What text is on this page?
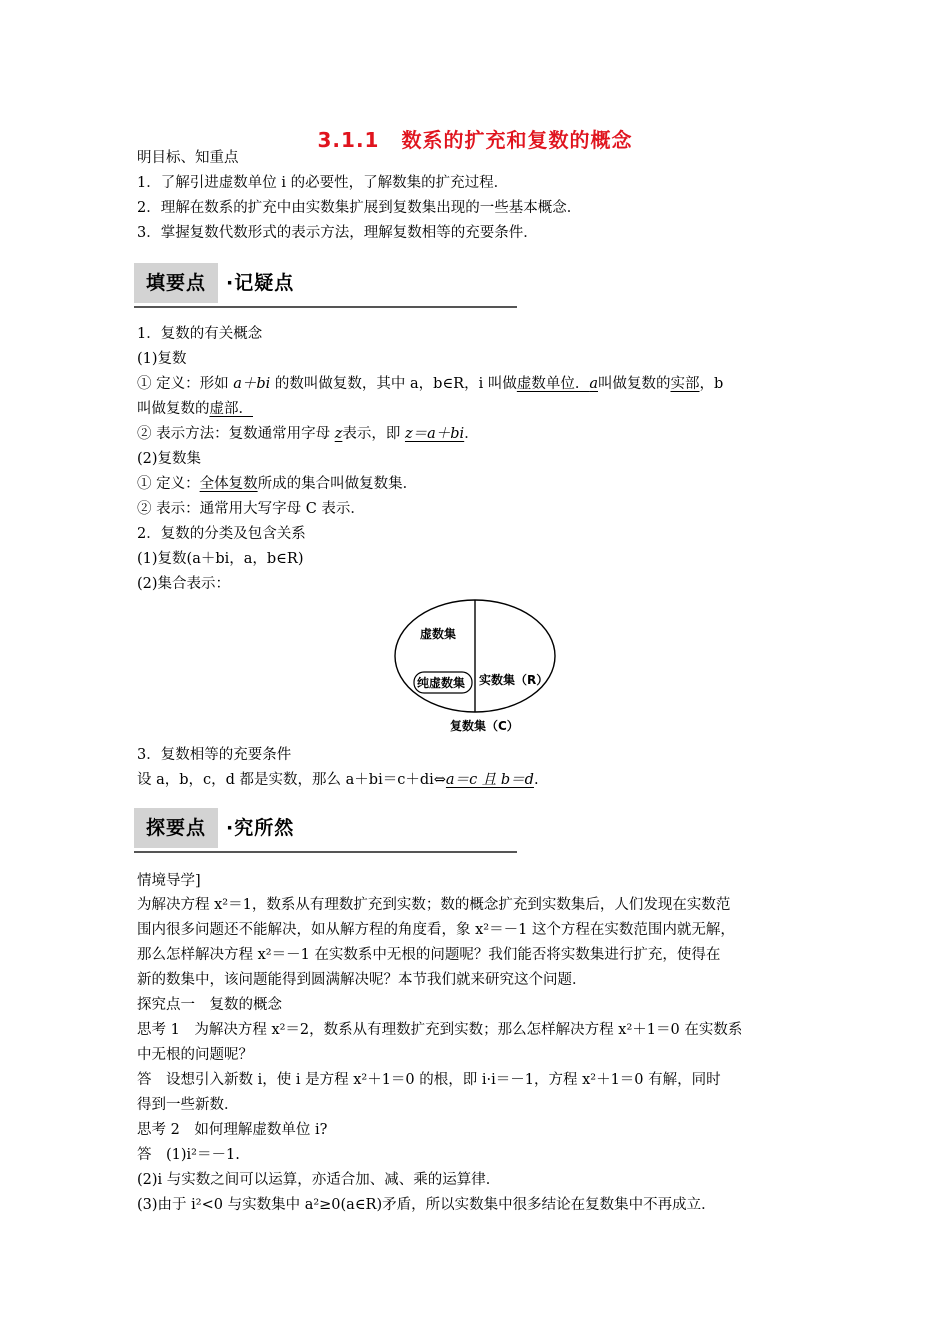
3.1.1 数系的扩充和复数的概念
明目标、知重点
1．了解引进虚数单位 i 的必要性，了解数集的扩充过程．
2．理解在数系的扩充中由实数集扩展到复数集出现的一些基本概念．
3．掌握复数代数形式的表示方法，理解复数相等的充要条件．
填要点	·记疑点
1．复数的有关概念
(1)复数
① 定义：形如 a＋bi 的数叫做复数，其中 a，b∈R，i 叫做虚数单位．a叫做复数的实部，b
叫做复数的虚部．
② 表示方法：复数通常用字母 z表示，即 z＝a＋bi．
(2)复数集
① 定义：全体复数所成的集合叫做复数集．
② 表示：通常用大写字母 C 表示．
2．复数的分类及包含关系
(1)复数(a＋bi，a，b∈R)
(2)集合表示：
虚数集
纯虚数集 实数集（R）
复数集（C）
3．复数相等的充要条件
设 a，b，c，d 都是实数，那么 a＋bi＝c＋di⇔a＝c 且 b＝d.
探要点	·究所然
情境导学]
为解决方程 x²＝1，数系从有理数扩充到实数；数的概念扩充到实数集后，人们发现在实数范
围内很多问题还不能解决，如从解方程的角度看，象 x²＝－1 这个方程在实数范围内就无解，
那么怎样解决方程 x²＝－1 在实数系中无根的问题呢？我们能否将实数集进行扩充，使得在
新的数集中，该问题能得到圆满解决呢？本节我们就来研究这个问题．
探究点一　复数的概念
思考 1　为解决方程 x²＝2，数系从有理数扩充到实数；那么怎样解决方程 x²＋1＝0 在实数系
中无根的问题呢？
答　设想引入新数 i，使 i 是方程 x²＋1＝0 的根，即 i·i＝－1，方程 x²＋1＝0 有解，同时
得到一些新数．
思考 2　如何理解虚数单位 i?
答　(1)i²＝－1.
(2)i 与实数之间可以运算，亦适合加、减、乘的运算律．
(3)由于 i²<0 与实数集中 a²≥0(a∈R)矛盾，所以实数集中很多结论在复数集中不再成立．
